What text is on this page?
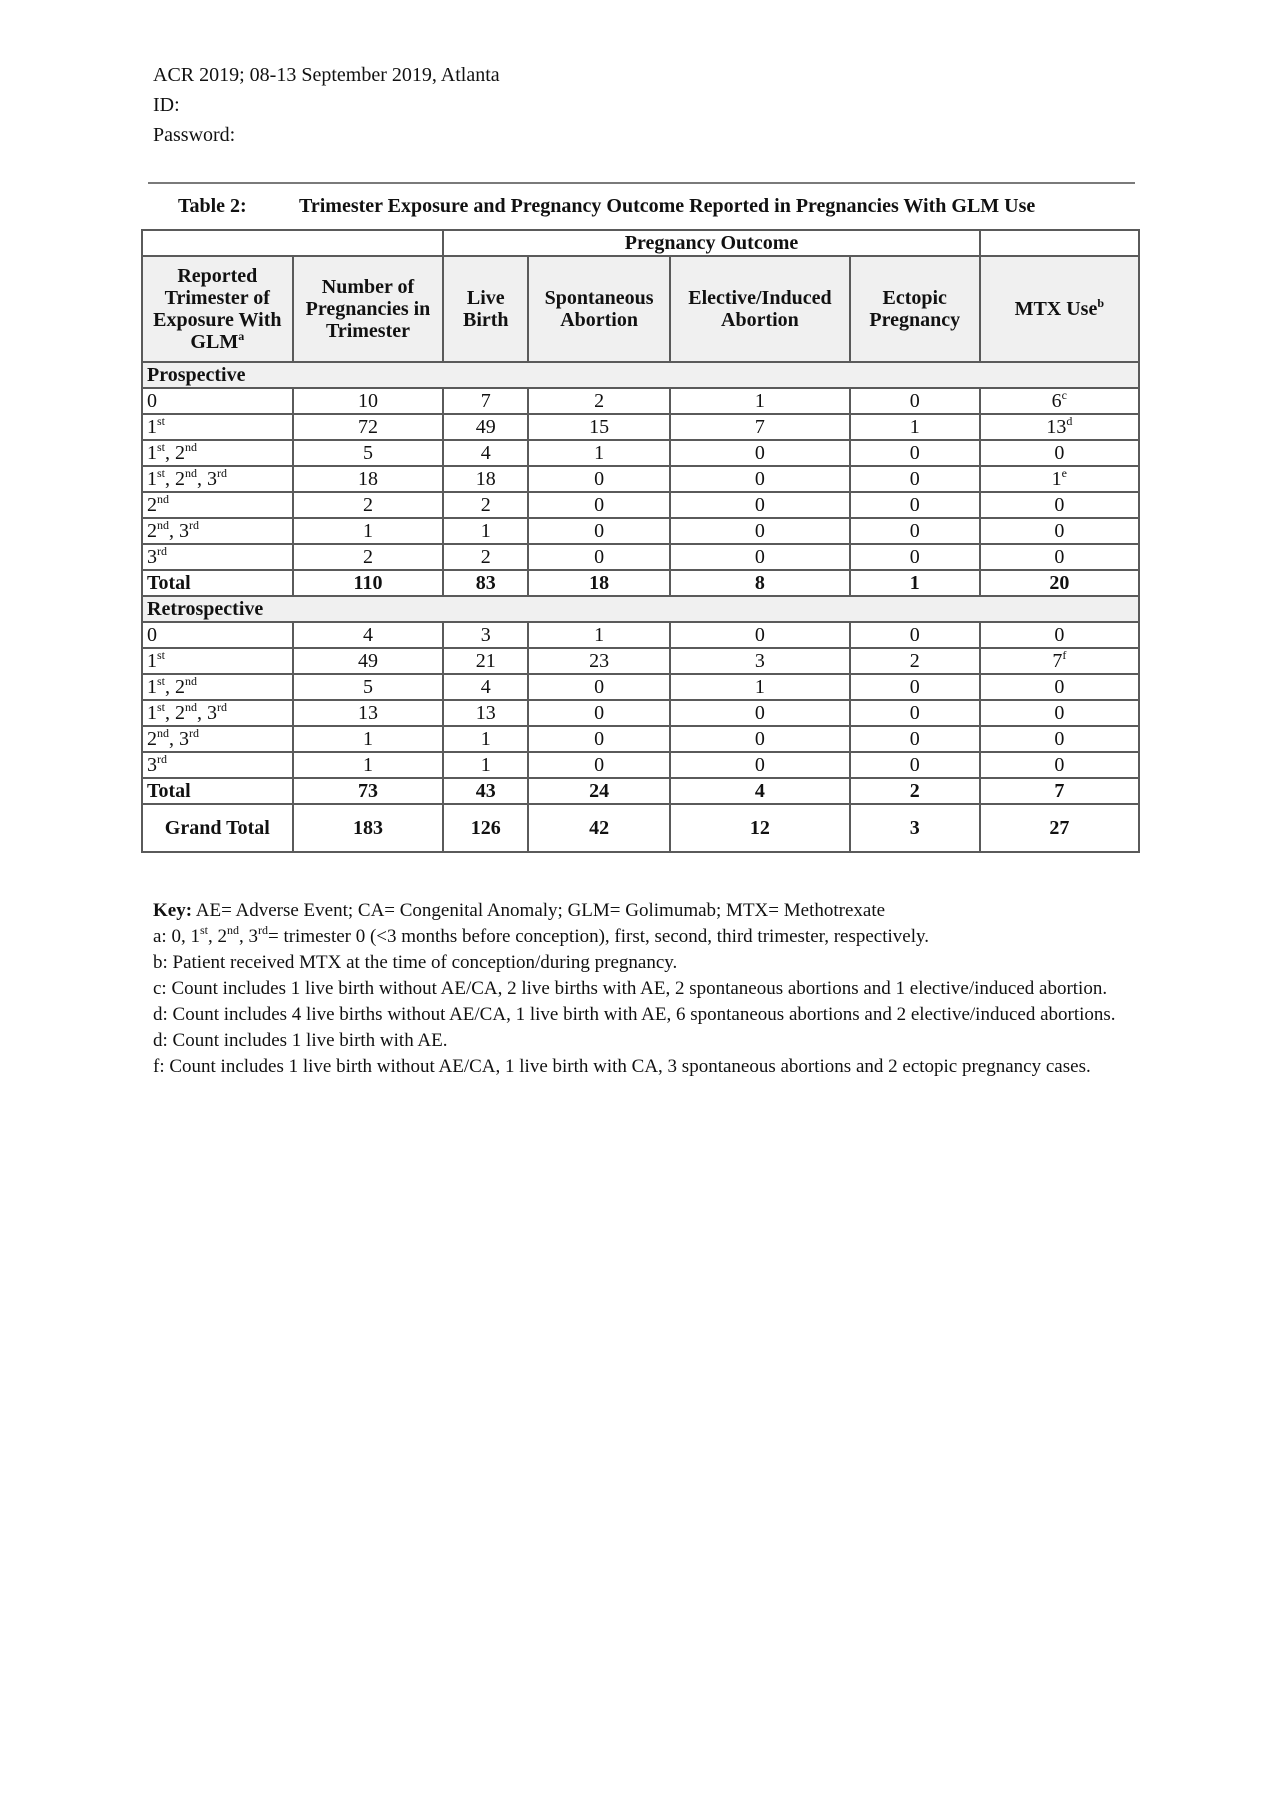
ACR 2019; 08-13 September 2019, Atlanta
ID:
Password:
Table 2:	Trimester Exposure and Pregnancy Outcome Reported in Pregnancies With GLM Use
		Pregnancy Outcome				
Reported Trimester of Exposure With GLM$^a$	Number of Pregnancies in Trimester	Live Birth	Spontaneous Abortion	Elective/Induced Abortion	Ectopic Pregnancy	MTX Use$^b$
Prospective						
0	10	7	2	1	0	6$^c$
1st	72	49	15	7	1	13$^d$
1st, 2nd	5	4	1	0	0	0
1st, 2nd, 3rd	18	18	0	0	0	1e
2nd	2	2	0	0	0	0
2nd, 3rd	1	1	0	0	0	0
3rd	2	2	0	0	0	0
Total	110	83	18	8	1	20
Retrospective						
0	4	3	1	0	0	0
1st	49	21	23	3	2	7$^f$
1st, 2nd	5	4	0	1	0	0
1st, 2nd, 3rd	13	13	0	0	0	0
2nd, 3rd	1	1	0	0	0	0
3rd	1	1	0	0	0	0
Total	73	43	24	4	2	7
Grand Total	183	126	42	12	3	27
Key: AE= Adverse Event; CA= Congenital Anomaly; GLM= Golimumab; MTX= Methotrexate
a: 0, 1st, 2nd, 3rd= trimester 0 (<3 months before conception), first, second, third trimester, respectively.
b: Patient received MTX at the time of conception/during pregnancy.
c: Count includes 1 live birth without AE/CA, 2 live births with AE, 2 spontaneous abortions and 1 elective/induced abortion.
d: Count includes 4 live births without AE/CA, 1 live birth with AE, 6 spontaneous abortions and 2 elective/induced abortions.
d: Count includes 1 live birth with AE.
f: Count includes 1 live birth without AE/CA, 1 live birth with CA, 3 spontaneous abortions and 2 ectopic pregnancy cases.
